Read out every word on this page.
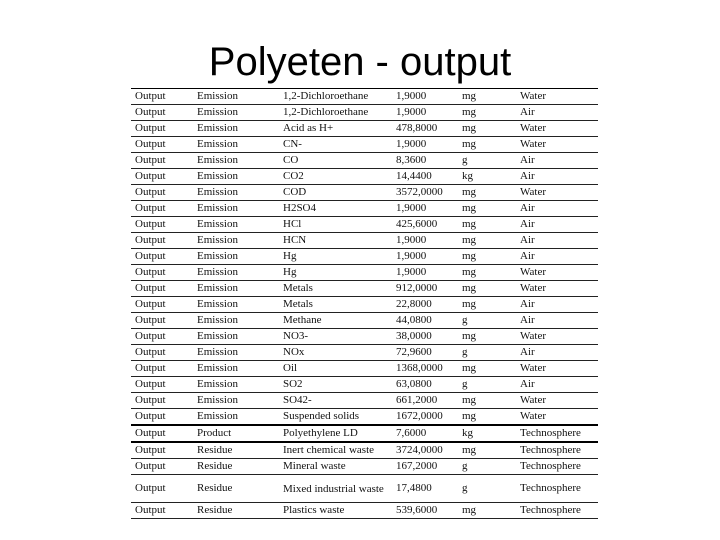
Polyeten - output
Output	Emission	1,2-Dichloroethane	1,9000	mg	Water
Output	Emission	1,2-Dichloroethane	1,9000	mg	Air
Output	Emission	Acid as H+	478,8000	mg	Water
Output	Emission	CN-	1,9000	mg	Water
Output	Emission	CO	8,3600	g	Air
Output	Emission	CO2	14,4400	kg	Air
Output	Emission	COD	3572,0000	mg	Water
Output	Emission	H2SO4	1,9000	mg	Air
Output	Emission	HCl	425,6000	mg	Air
Output	Emission	HCN	1,9000	mg	Air
Output	Emission	Hg	1,9000	mg	Air
Output	Emission	Hg	1,9000	mg	Water
Output	Emission	Metals	912,0000	mg	Water
Output	Emission	Metals	22,8000	mg	Air
Output	Emission	Methane	44,0800	g	Air
Output	Emission	NO3-	38,0000	mg	Water
Output	Emission	NOx	72,9600	g	Air
Output	Emission	Oil	1368,0000	mg	Water
Output	Emission	SO2	63,0800	g	Air
Output	Emission	SO42-	661,2000	mg	Water
Output	Emission	Suspended solids	1672,0000	mg	Water
Output	Product	Polyethylene LD	7,6000	kg	Technosphere
Output	Residue	Inert chemical waste	3724,0000	mg	Technosphere
Output	Residue	Mineral waste	167,2000	g	Technosphere
Output	Residue	Mixed industrial waste	17,4800	g	Technosphere
Output	Residue	Plastics waste	539,6000	mg	Technosphere
